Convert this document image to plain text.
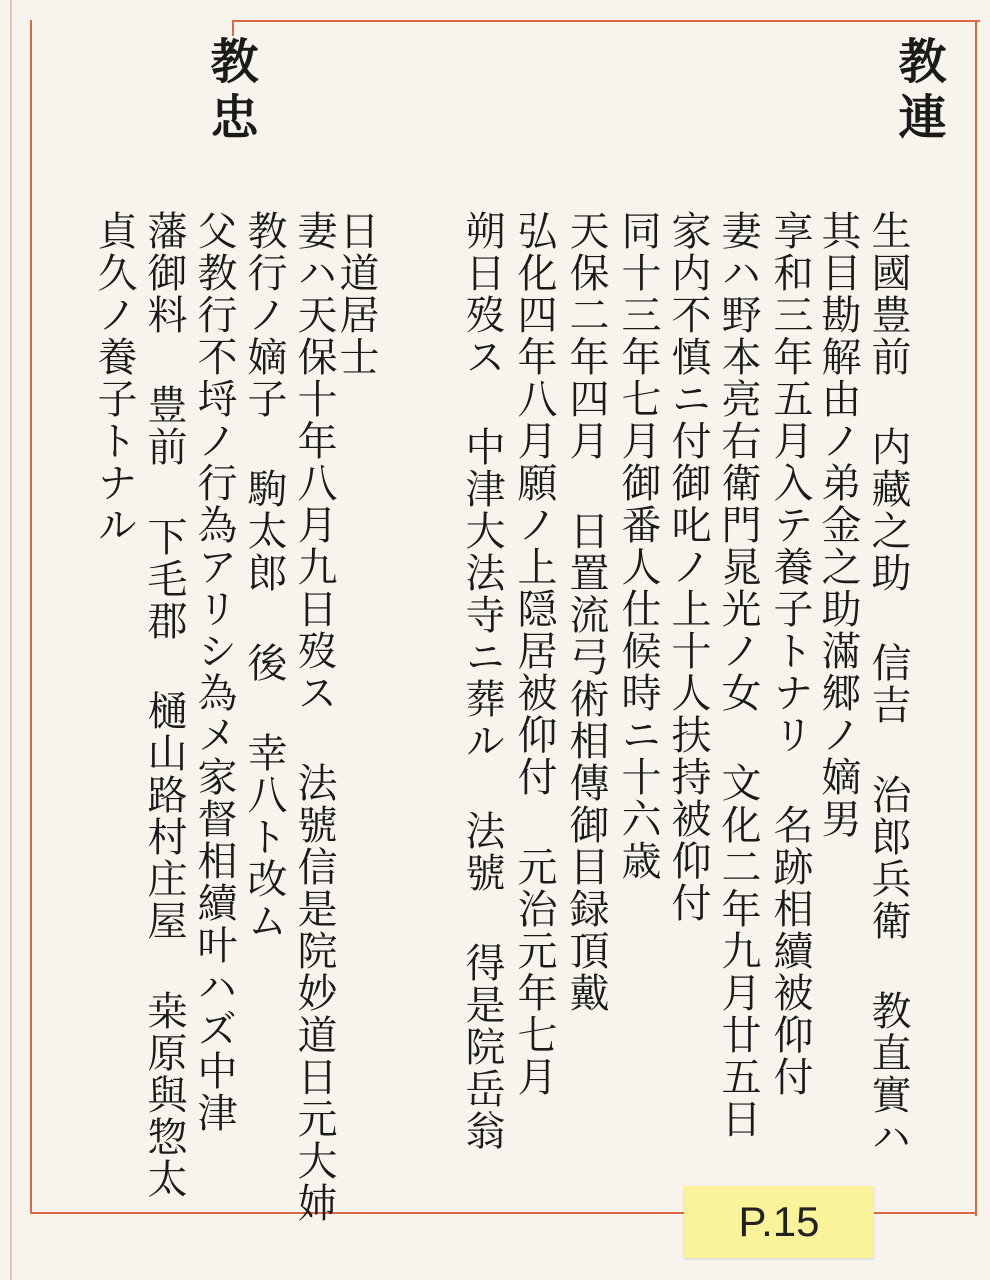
教連
教忠
生國豊前 内藏之助 信吉 治郎兵衛 教直實ハ
其目勘解由ノ弟金之助滿郷ノ嫡男
享和三年五月入テ養子トナリ 名跡相續被仰付
妻ハ野本亮右衛門晁光ノ女 文化二年九月廿五日
家内不慎ニ付御叱ノ上十人扶持被仰付
同十三年七月御番人仕候時ニ十六歳
天保二年四月 日置流弓術相傳御目録頂戴
弘化四年八月願ノ上隠居被仰付 元治元年七月
朔日歿ス 中津大法寺ニ葬ル 法號 得是院岳翁
日道居士
妻ハ天保十年八月九日歿ス 法號信是院妙道日元大姉
教行ノ嫡子 駒太郎 後 幸八ト改ム
父教行不埒ノ行為アリシ為メ家督相續叶ハズ中津
藩御料 豊前 下毛郡 樋山路村庄屋 桒原與惣太
貞久ノ養子トナル
P.15
